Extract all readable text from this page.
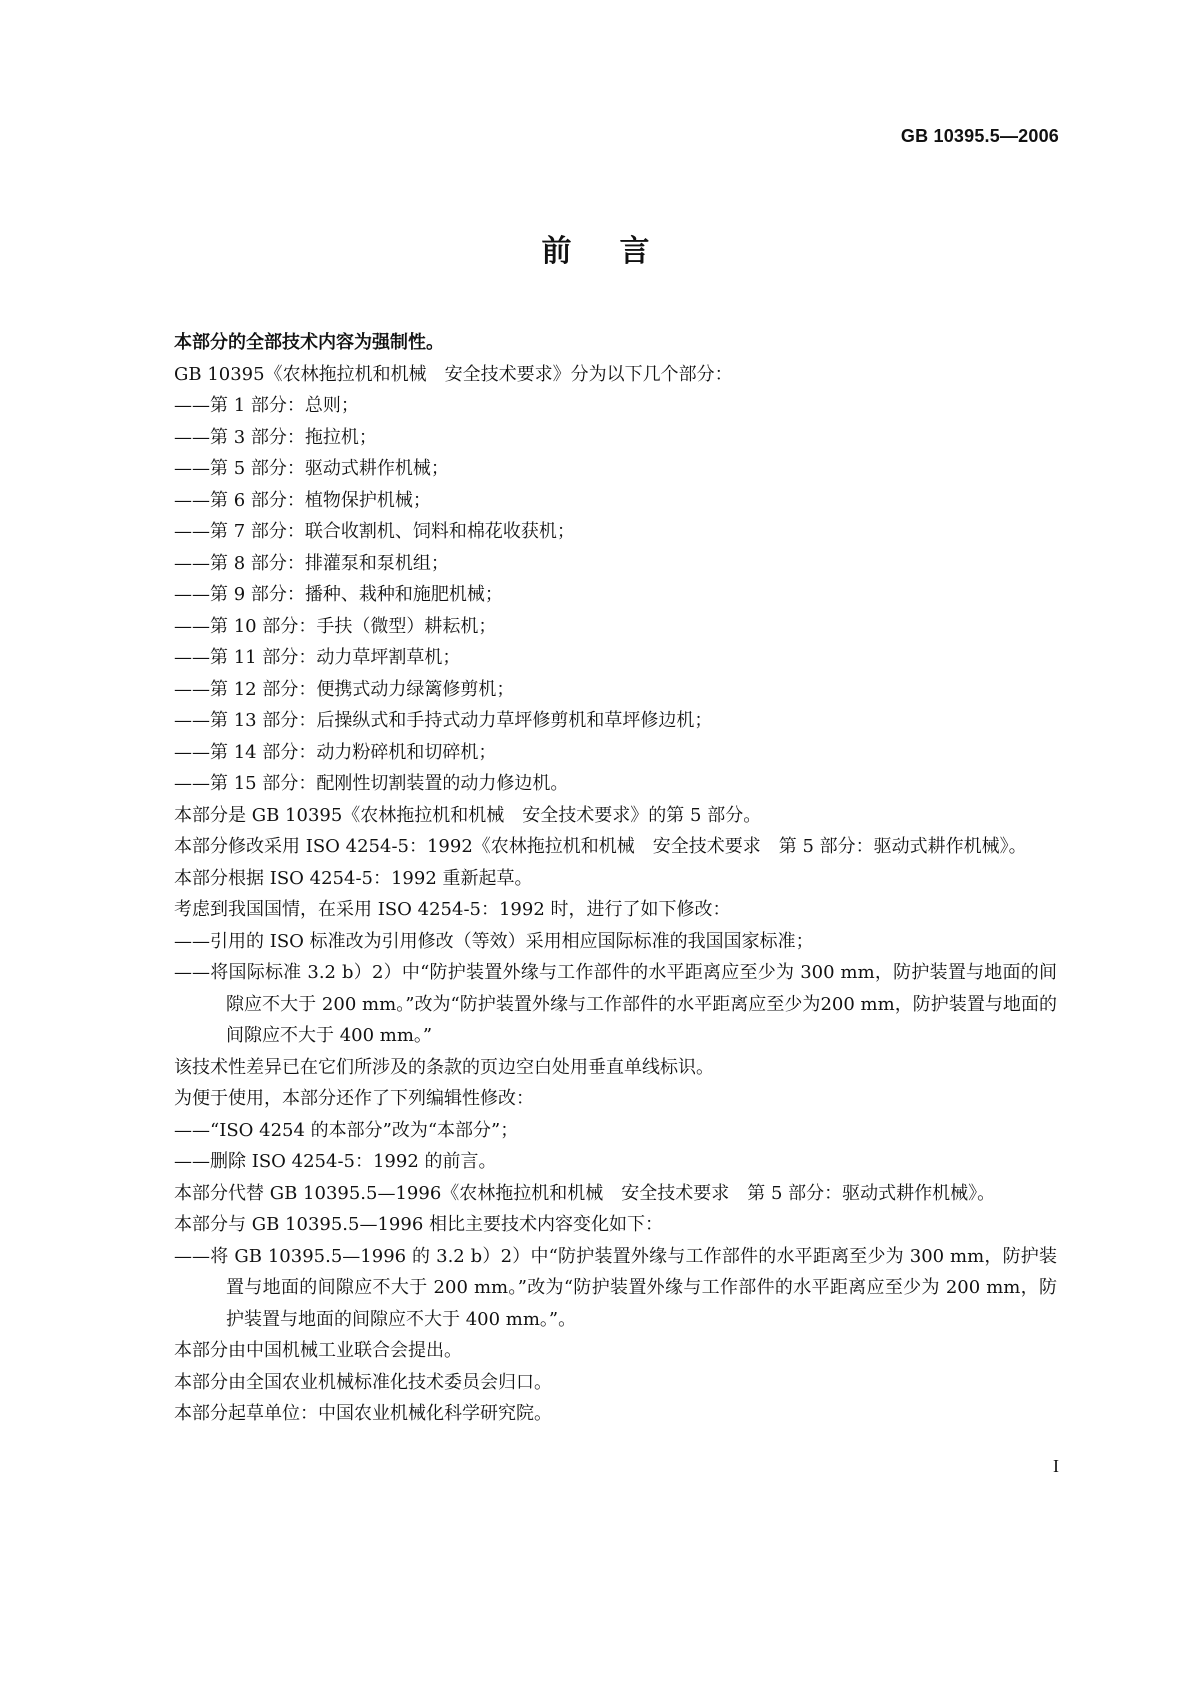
GB 10395.5—2006
前言

本部分的全部技术内容为强制性。

GB 10395《农林拖拉机和机械　安全技术要求》分为以下几个部分：

——第 1 部分：总则；

——第 3 部分：拖拉机；

——第 5 部分：驱动式耕作机械；

——第 6 部分：植物保护机械；

——第 7 部分：联合收割机、饲料和棉花收获机；

——第 8 部分：排灌泵和泵机组；

——第 9 部分：播种、栽种和施肥机械；

——第 10 部分：手扶（微型）耕耘机；

——第 11 部分：动力草坪割草机；

——第 12 部分：便携式动力绿篱修剪机；

——第 13 部分：后操纵式和手持式动力草坪修剪机和草坪修边机；

——第 14 部分：动力粉碎机和切碎机；

——第 15 部分：配刚性切割装置的动力修边机。

本部分是 GB 10395《农林拖拉机和机械　安全技术要求》的第 5 部分。

本部分修改采用 ISO 4254-5：1992《农林拖拉机和机械　安全技术要求　第 5 部分：驱动式耕作机械》。

本部分根据 ISO 4254-5：1992 重新起草。

考虑到我国国情，在采用 ISO 4254-5：1992 时，进行了如下修改：

——引用的 ISO 标准改为引用修改（等效）采用相应国际标准的我国国家标准；

——将国际标准 3.2 b）2）中“防护装置外缘与工作部件的水平距离应至少为 300 mm，防护装置与地面的间隙应不大于 200 mm。”改为“防护装置外缘与工作部件的水平距离应至少为200 mm，防护装置与地面的间隙应不大于 400 mm。”

该技术性差异已在它们所涉及的条款的页边空白处用垂直单线标识。

为便于使用，本部分还作了下列编辑性修改：

——“ISO 4254 的本部分”改为“本部分”；

——删除 ISO 4254-5：1992 的前言。

本部分代替 GB 10395.5—1996《农林拖拉机和机械　安全技术要求　第 5 部分：驱动式耕作机械》。

本部分与 GB 10395.5—1996 相比主要技术内容变化如下：

——将 GB 10395.5—1996 的 3.2 b）2）中“防护装置外缘与工作部件的水平距离至少为 300 mm，防护装置与地面的间隙应不大于 200 mm。”改为“防护装置外缘与工作部件的水平距离应至少为 200 mm，防护装置与地面的间隙应不大于 400 mm。”。

本部分由中国机械工业联合会提出。

本部分由全国农业机械标准化技术委员会归口。

本部分起草单位：中国农业机械化科学研究院。

I
